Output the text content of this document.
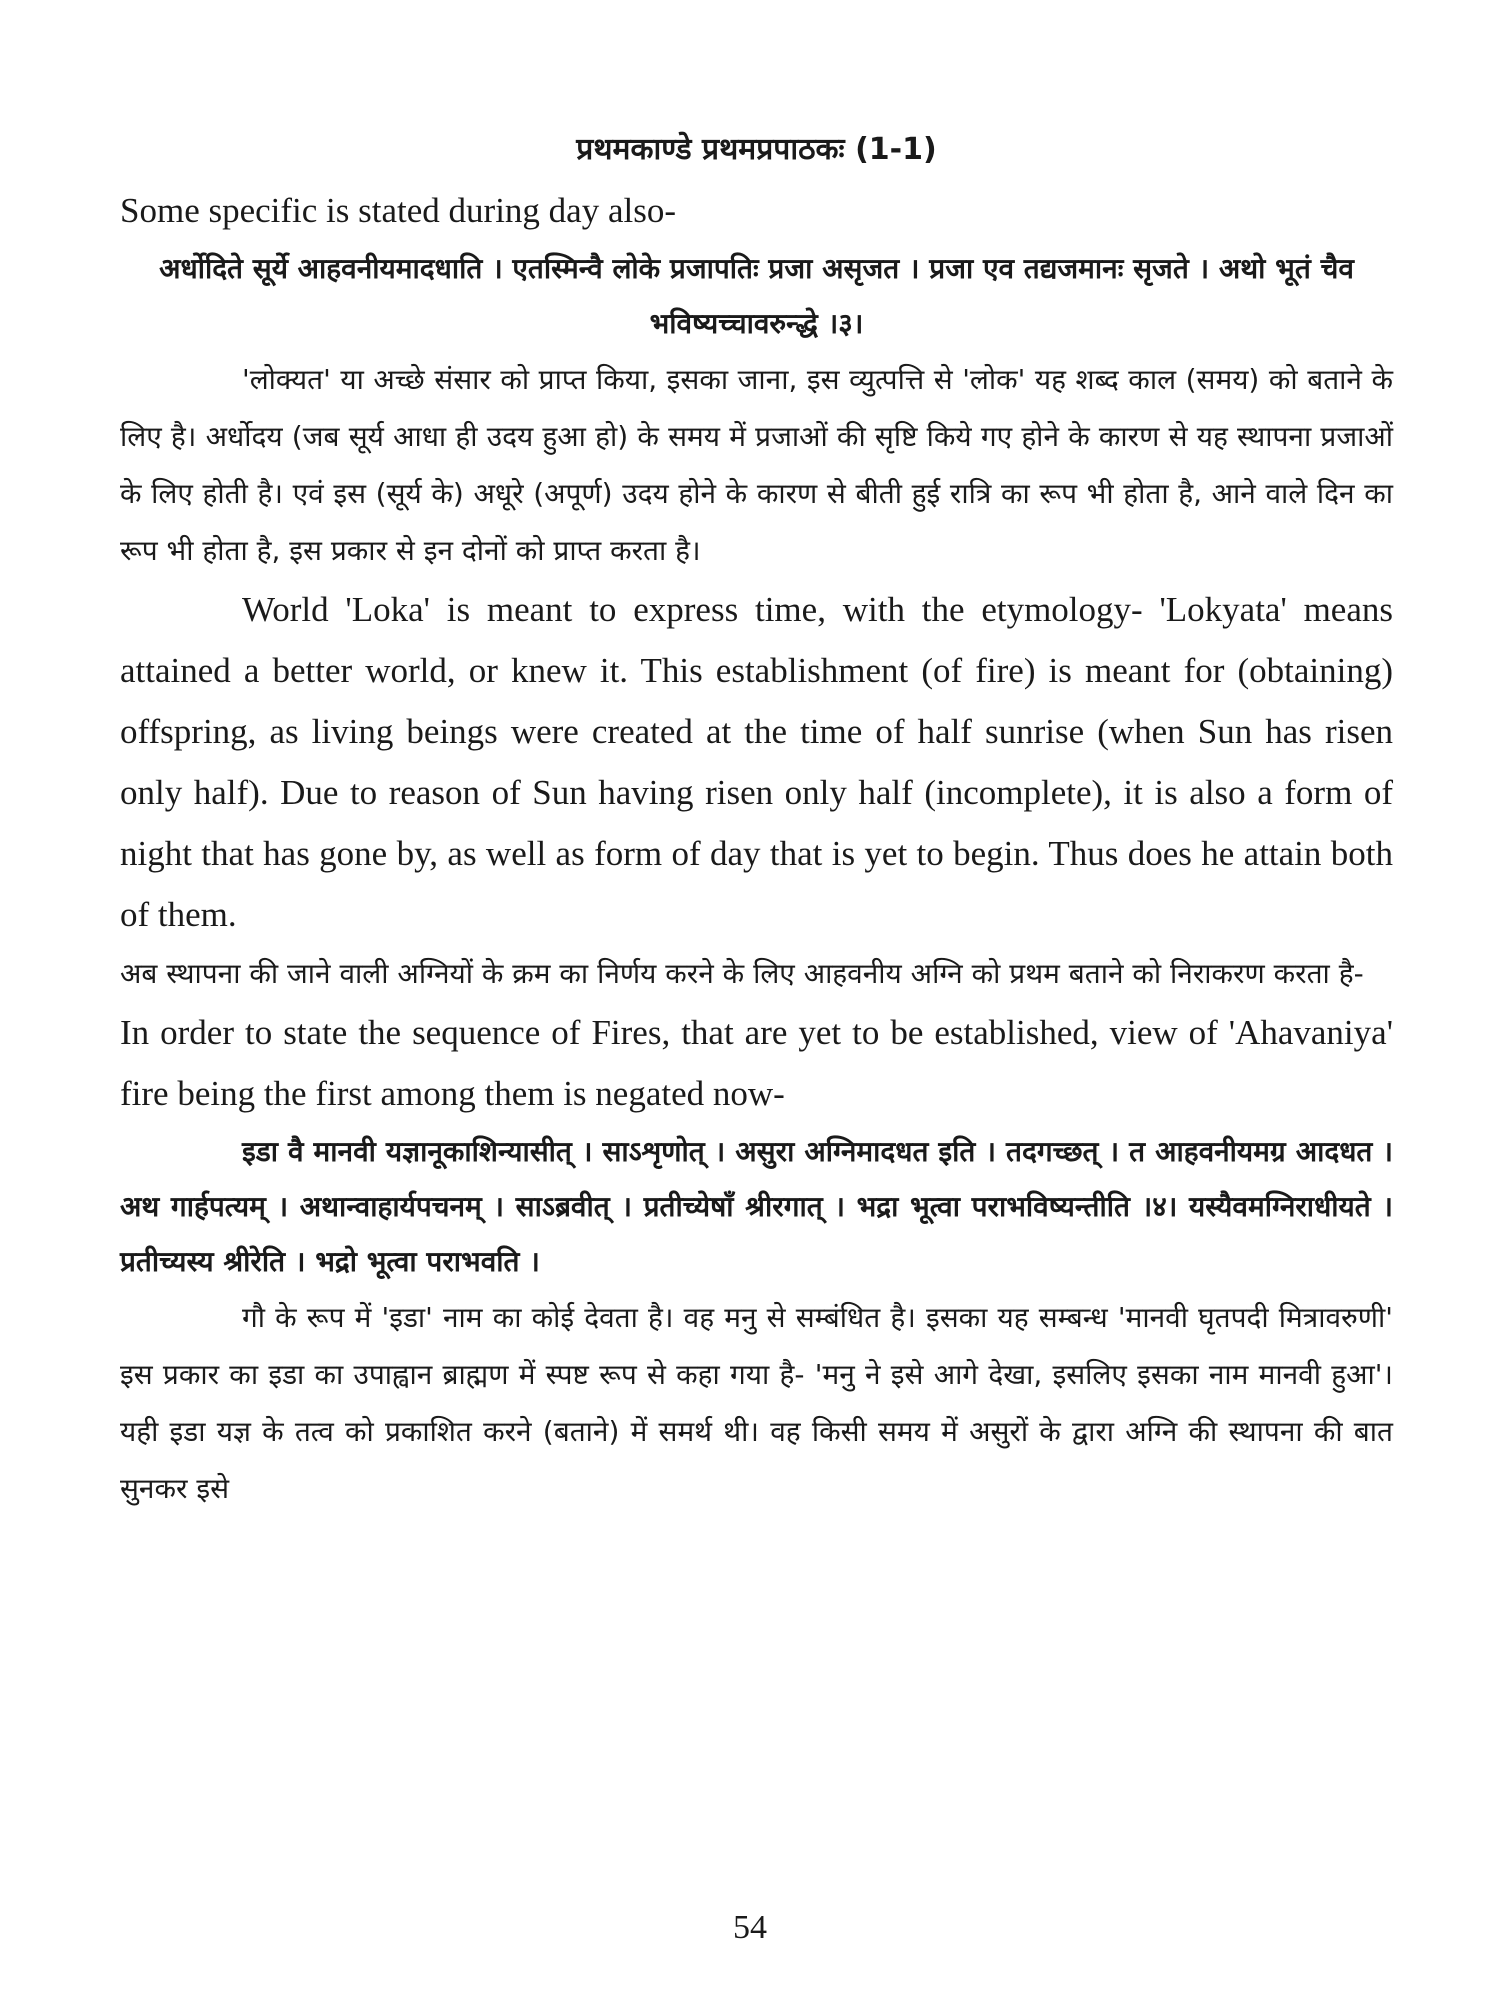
प्रथमकाण्डे प्रथमप्रपाठकः (1-1)

Some specific is stated during day also-

अर्धोदिते सूर्ये आहवनीयमादधाति । एतस्मिन्वै लोके प्रजापतिः प्रजा असृजत । प्रजा एव तद्यजमानः सृजते । अथो भूतं चैव भविष्यच्चावरुन्द्धे ।३।

'लोक्यत' या अच्छे संसार को प्राप्त किया, इसका जाना, इस व्युत्पत्ति से 'लोक' यह शब्द काल (समय) को बताने के लिए है। अर्धोदय (जब सूर्य आधा ही उदय हुआ हो) के समय में प्रजाओं की सृष्टि किये गए होने के कारण से यह स्थापना प्रजाओं के लिए होती है। एवं इस (सूर्य के) अधूरे (अपूर्ण) उदय होने के कारण से बीती हुई रात्रि का रूप भी होता है, आने वाले दिन का रूप भी होता है, इस प्रकार से इन दोनों को प्राप्त करता है।

World 'Loka' is meant to express time, with the etymology- 'Lokyata' means attained a better world, or knew it. This establishment (of fire) is meant for (obtaining) offspring, as living beings were created at the time of half sunrise (when Sun has risen only half). Due to reason of Sun having risen only half (incomplete), it is also a form of night that has gone by, as well as form of day that is yet to begin. Thus does he attain both of them.

अब स्थापना की जाने वाली अग्नियों के क्रम का निर्णय करने के लिए आहवनीय अग्नि को प्रथम बताने को निराकरण करता है-

In order to state the sequence of Fires, that are yet to be established, view of 'Ahavaniya' fire being the first among them is negated now-

इडा वै मानवी यज्ञानूकाशिन्यासीत् । साऽशृणोत् । असुरा अग्निमादधत इति । तदगच्छत् । त आहवनीयमग्र आदधत । अथ गार्हपत्यम् । अथान्वाहार्यपचनम् । साऽब्रवीत् । प्रतीच्येषाँ श्रीरगात् । भद्रा भूत्वा पराभविष्यन्तीति ।४। यस्यैवमग्निराधीयते । प्रतीच्यस्य श्रीरेति । भद्रो भूत्वा पराभवति ।

गौ के रूप में 'इडा' नाम का कोई देवता है। वह मनु से सम्बंधित है। इसका यह सम्बन्ध 'मानवी घृतपदी मित्रावरुणी' इस प्रकार का इडा का उपाह्वान ब्राह्मण में स्पष्ट रूप से कहा गया है- 'मनु ने इसे आगे देखा, इसलिए इसका नाम मानवी हुआ'। यही इडा यज्ञ के तत्व को प्रकाशित करने (बताने) में समर्थ थी। वह किसी समय में असुरों के द्वारा अग्नि की स्थापना की बात सुनकर इसे

54
